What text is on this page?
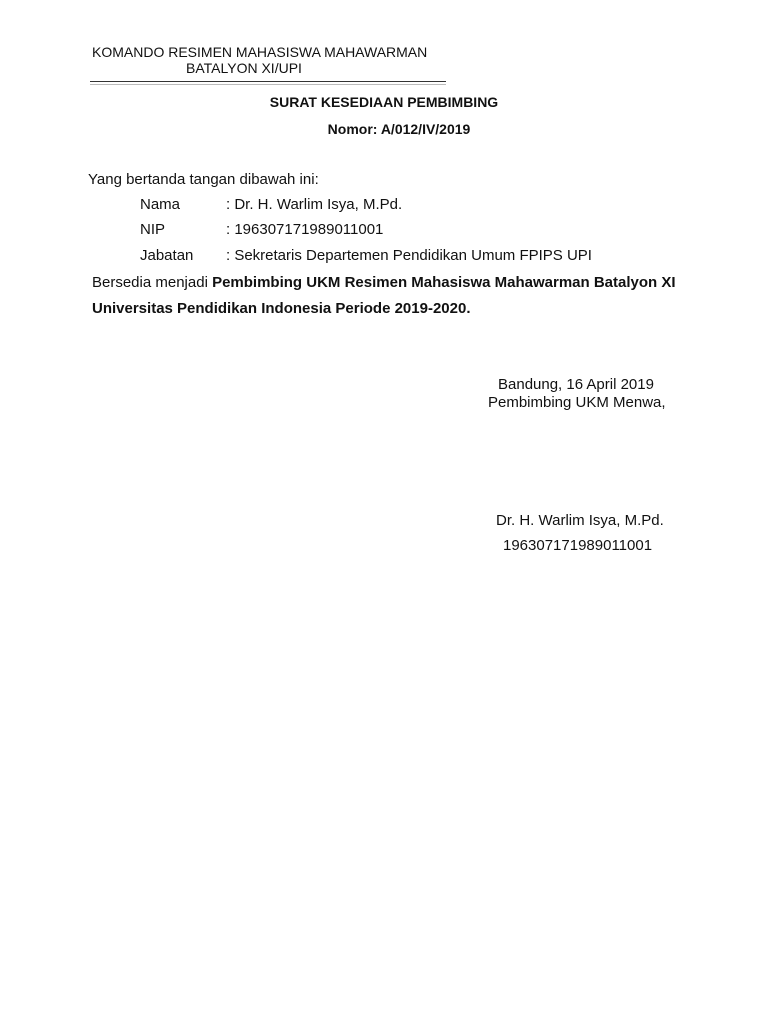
KOMANDO RESIMEN MAHASISWA MAHAWARMAN
BATALYON XI/UPI
SURAT KESEDIAAN PEMBIMBING
Nomor: A/012/IV/2019
Yang bertanda tangan dibawah ini:
Nama	: Dr. H. Warlim Isya, M.Pd.
NIP	: 196307171989011001
Jabatan : Sekretaris Departemen Pendidikan Umum FPIPS UPI
Bersedia menjadi Pembimbing UKM Resimen Mahasiswa Mahawarman Batalyon XI Universitas Pendidikan Indonesia Periode 2019-2020.
Bandung, 16 April 2019
Pembimbing UKM Menwa,
Dr. H. Warlim Isya, M.Pd.
196307171989011001
